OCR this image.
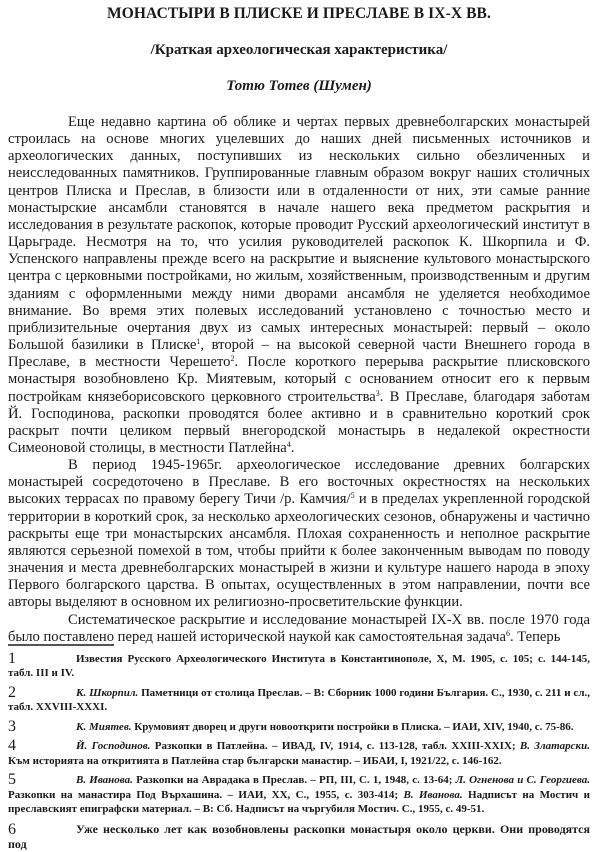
МОНАСТЫРИ В ПЛИСКЕ И ПРЕСЛАВЕ В IX-X ВВ.
/Краткая археологическая характеристика/
Тотю Тотев (Шумен)

Еще недавно картина об облике и чертах первых древнеболгарских монастырей строилась на основе многих уцелевших до наших дней письменных источников и археологических данных, поступивших из нескольких сильно обезличенных и неисследованных памятников. Группированные главным образом вокруг наших столичных центров Плиска и Преслав, в близости или в отдаленности от них, эти самые ранние монастырские ансамбли становятся в начале нашего века предметом раскрытия и исследования в результате раскопок, которые проводит Русский археологический институт в Царьграде. Несмотря на то, что усилия руководителей раскопок К. Шкорпила и Ф. Успенского направлены прежде всего на раскрытие и выяснение культового монастырского центра с церковными постройками, но жилым, хозяйственным, производственным и другим зданиям с оформленными между ними дворами ансамбля не уделяется необходимое внимание. Во время этих полевых исследований установлено с точностью место и приблизительные очертания двух из самых интересных монастырей: первый – около Большой базилики в Плиске$^1$, второй – на высокой северной части Внешнего города в Преславе, в местности Черешето$^2$. После короткого перерыва раскрытие плисковского монастыря возобновлено Кр. Миятевым, который с основанием относит его к первым постройкам князеборисовского церковного строительства$^3$. В Преславе, благодаря заботам Й. Господинова, раскопки проводятся более активно и в сравнительно короткий срок раскрыт почти целиком первый внегородской монастырь в недалекой окрестности Симеоновой столицы, в местности Патлейна$^4$.

В период 1945-1965г. археологическое исследование древних болгарских монастырей сосредоточено в Преславе. В его восточных окрестностях на нескольких высоких террасах по правому берегу Тичи /р. Камчия/$^5$ и в пределах укрепленной городской территории в короткий срок, за несколько археологических сезонов, обнаружены и частично раскрыты еще три монастырских ансамбля. Плохая сохраненность и неполное раскрытие являются серьезной помехой в том, чтобы прийти к более законченным выводам по поводу значения и места древнеболгарских монастырей в жизни и культуре нашего народа в эпоху Первого болгарского царства. В опытах, осуществленных в этом направлении, почти все авторы выделяют в основном их религиозно-просветительские функции.

Систематическое раскрытие и исследование монастырей IX-X вв. после 1970 года было поставлено перед нашей исторической наукой как самостоятельная задача$^6$. Теперь

1	Известия Русского Археологического Института в Константинополе, X, М. 1905, с. 105; с. 144-145, табл. III и IV.

2	К. Шкорпил. Паметници от столица Преслав. – В: Сборник 1000 години България. С., 1930, с. 211 и сл., табл. XXVIII-XXXI.

3	К. Миятев. Крумовият дворец и други новооткрити постройки в Плиска. – ИАИ, XIV, 1940, с. 75-86.

4	Й. Господинов. Разкопки в Патлейна. – ИВАД, IV, 1914, с. 113-128, табл. XXIII-XXIX; В. Златарски. Към историята на откритията в Патлейна стар български манастир. – ИБАИ, I, 1921/22, с. 146-162.

5	В. Иванова. Разкопки на Аврадака в Преслав. – РП, III, С. 1, 1948, с. 13-64; Л. Огненова и С. Георгиева. Разкопки на манастира Под Върхашина. – ИАИ, XX, С., 1955, с. 303-414; В. Иванова. Надписът на Мостич и преславският епиграфски материал. – В: Сб. Надписът на чъргубиля Мостич. С., 1955, с. 49-51.

6	Уже несколько лет как возобновлены раскопки монастыря около церкви. Они проводятся под
